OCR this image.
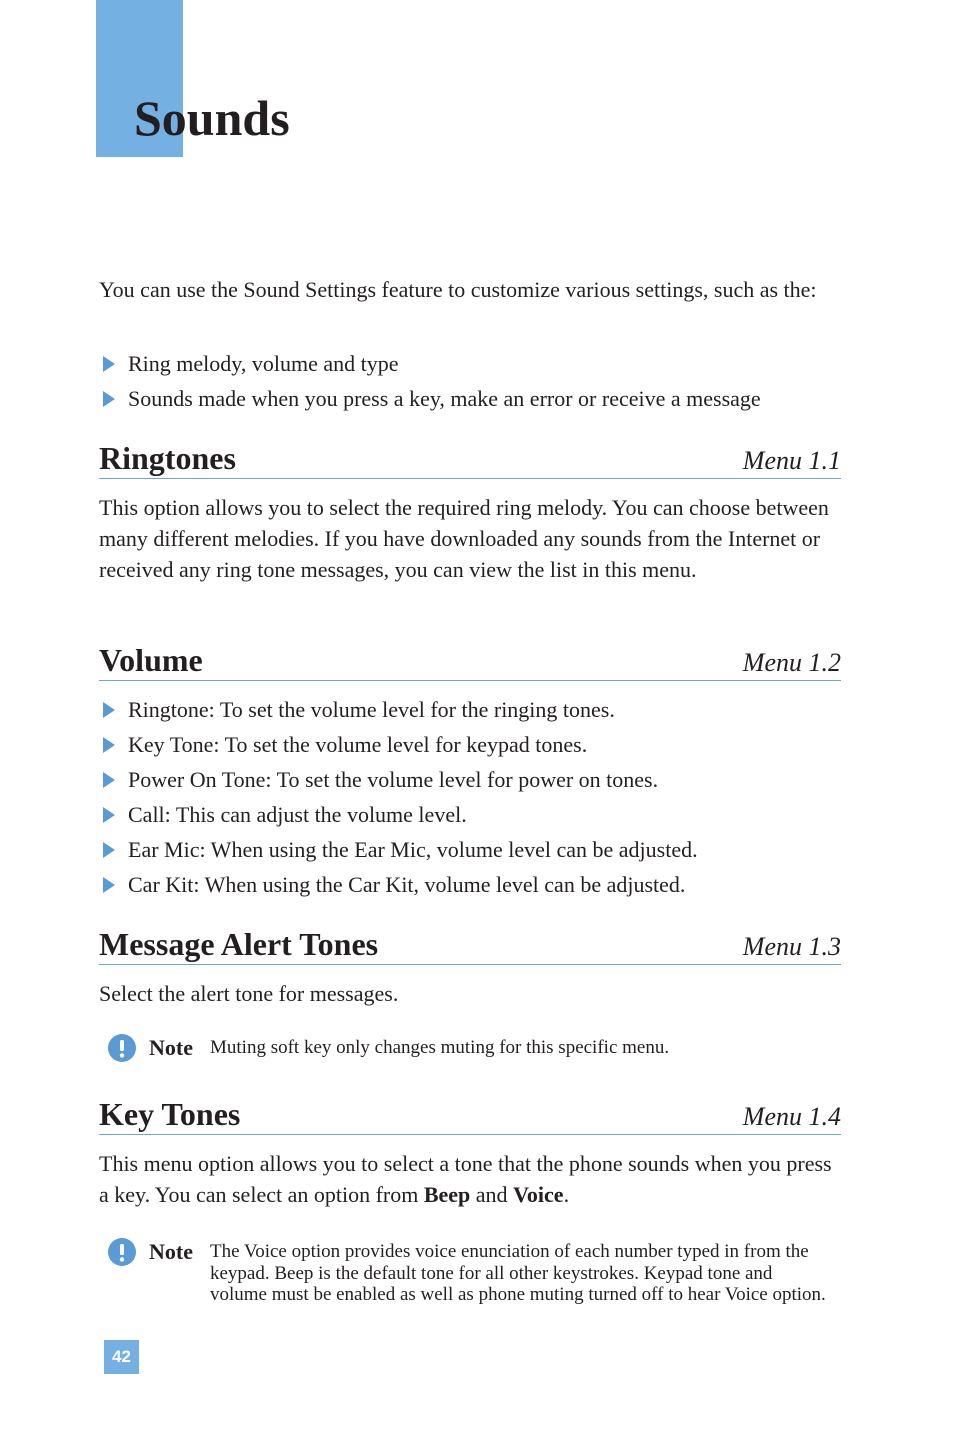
Sounds

You can use the Sound Settings feature to customize various settings, such as the:

Ring melody, volume and type
Sounds made when you press a key, make an error or receive a message
Ringtones	Menu 1.1

This option allows you to select the required ring melody. You can choose between many different melodies. If you have downloaded any sounds from the Internet or received any ring tone messages, you can view the list in this menu.

Volume	Menu 1.2
Ringtone: To set the volume level for the ringing tones.
Key Tone: To set the volume level for keypad tones.
Power On Tone: To set the volume level for power on tones.
Call: This can adjust the volume level.
Ear Mic: When using the Ear Mic, volume level can be adjusted.
Car Kit: When using the Car Kit, volume level can be adjusted.
Message Alert Tones	Menu 1.3

Select the alert tone for messages.

Note Muting soft key only changes muting for this specific menu.
Key Tones	Menu 1.4

This menu option allows you to select a tone that the phone sounds when you press a key. You can select an option from Beep and Voice.

Note The Voice option provides voice enunciation of each number typed in from the keypad. Beep is the default tone for all other keystrokes. Keypad tone and volume must be enabled as well as phone muting turned off to hear Voice option.
42
